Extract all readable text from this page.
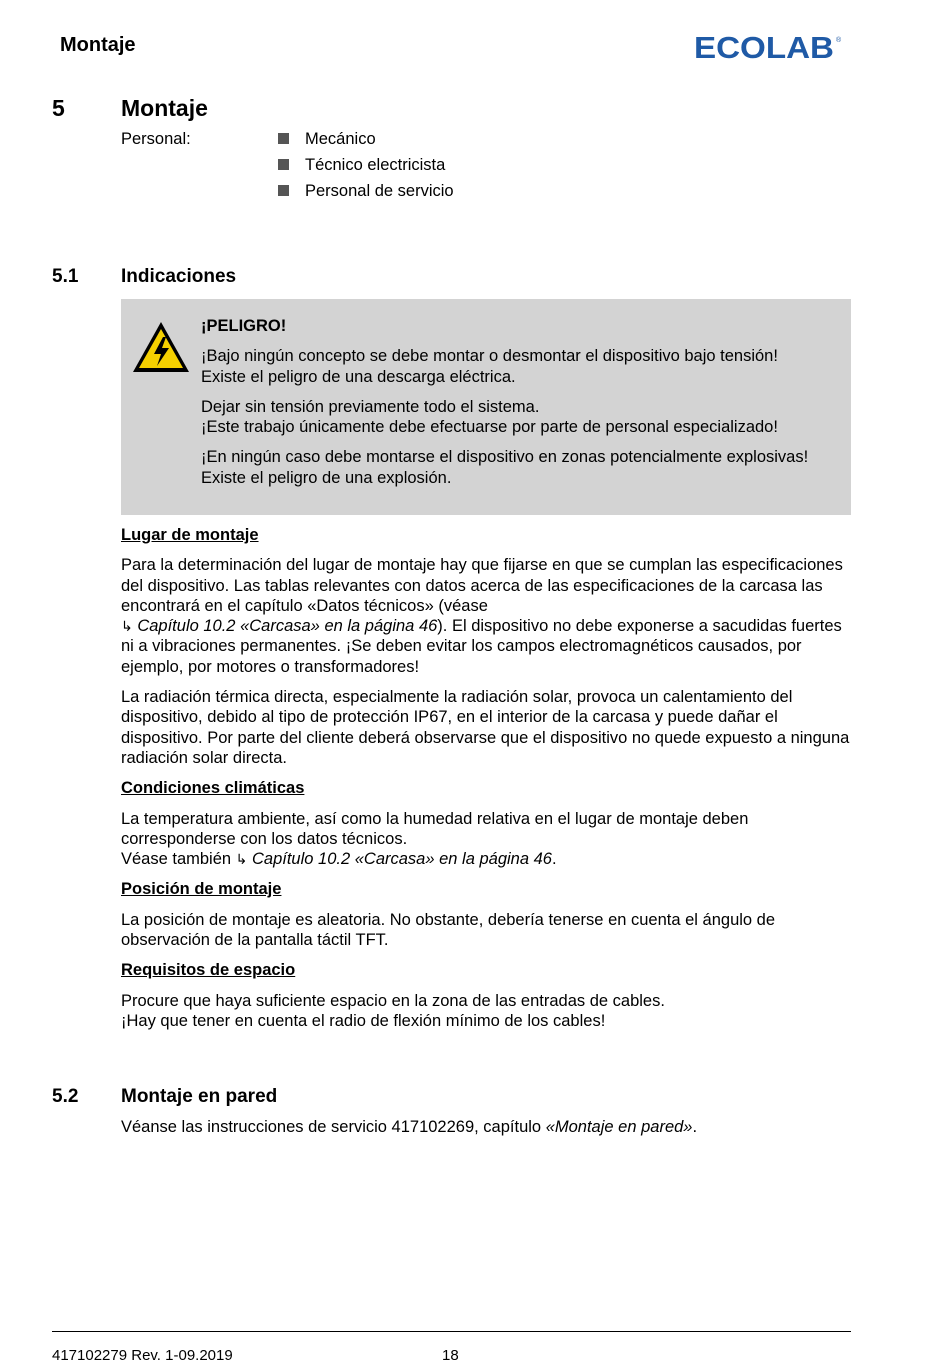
Montaje	ECOLAB ®
5 Montaje
Personal:	Mecánico
Técnico electricista
Personal de servicio
5.1 Indicaciones

¡PELIGRO!

¡Bajo ningún concepto se debe montar o desmontar el dispositivo bajo tensión! Existe el peligro de una descarga eléctrica.

Dejar sin tensión previamente todo el sistema.
¡Este trabajo únicamente debe efectuarse por parte de personal especializado!

¡En ningún caso debe montarse el dispositivo en zonas potencialmente explosivas! Existe el peligro de una explosión.

Lugar de montaje

Para la determinación del lugar de montaje hay que fijarse en que se cumplan las especificaciones del dispositivo. Las tablas relevantes con datos acerca de las especificaciones de la carcasa las encontrará en el capítulo «Datos técnicos» (véase
↳ Capítulo 10.2 «Carcasa» en la página 46). El dispositivo no debe exponerse a sacudidas fuertes ni a vibraciones permanentes. ¡Se deben evitar los campos electromagnéticos causados, por ejemplo, por motores o transformadores!

La radiación térmica directa, especialmente la radiación solar, provoca un calentamiento del dispositivo, debido al tipo de protección IP67, en el interior de la carcasa y puede dañar el dispositivo. Por parte del cliente deberá observarse que el dispositivo no quede expuesto a ninguna radiación solar directa.

Condiciones climáticas

La temperatura ambiente, así como la humedad relativa en el lugar de montaje deben corresponderse con los datos técnicos.
Véase también ↳ Capítulo 10.2 «Carcasa» en la página 46.

Posición de montaje

La posición de montaje es aleatoria. No obstante, debería tenerse en cuenta el ángulo de observación de la pantalla táctil TFT.

Requisitos de espacio

Procure que haya suficiente espacio en la zona de las entradas de cables.
¡Hay que tener en cuenta el radio de flexión mínimo de los cables!

5.2 Montaje en pared
Véanse las instrucciones de servicio 417102269, capítulo «Montaje en pared».
417102279 Rev. 1-09.2019	18
